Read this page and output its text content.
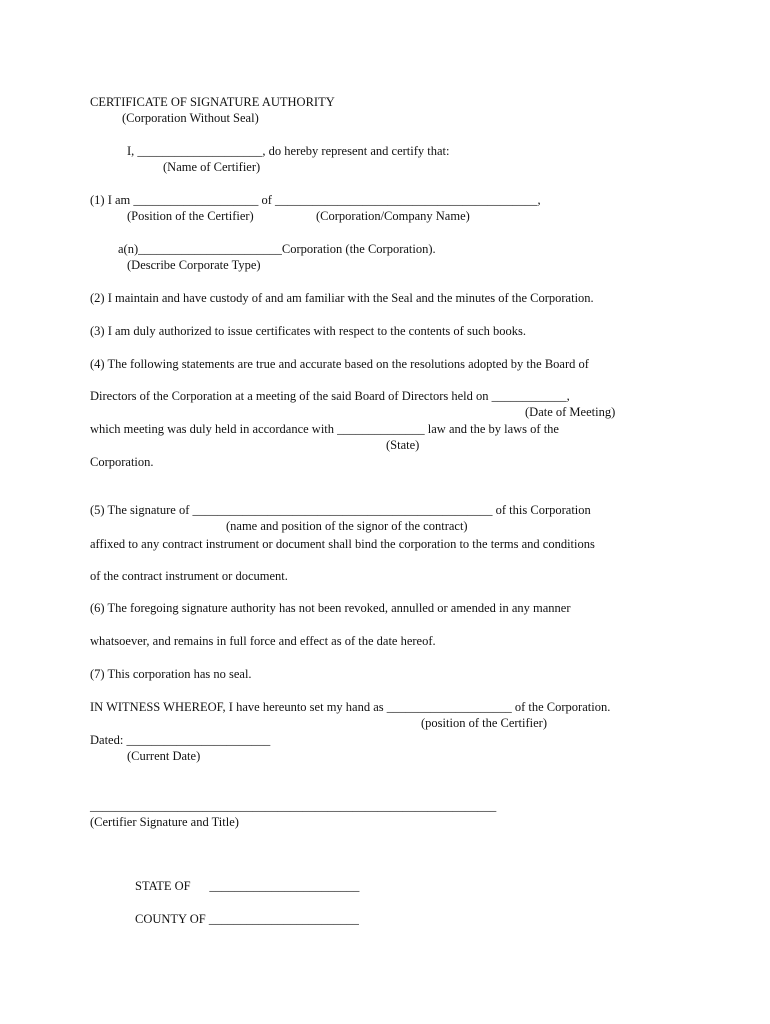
CERTIFICATE OF SIGNATURE AUTHORITY
(Corporation Without Seal)
I, ____________________, do hereby represent and certify that:
(Name of Certifier)
(1) I am ____________________ of __________________________________________,
(Position of the Certifier)	(Corporation/Company Name)
a(n)_______________________Corporation (the Corporation).
(Describe Corporate Type)
(2) I maintain and have custody of and am familiar with the Seal and the minutes of the Corporation.
(3) I am duly authorized to issue certificates with respect to the contents of such books.
(4) The following statements are true and accurate based on the resolutions adopted by the Board of
Directors of the Corporation at a meeting of the said Board of Directors held on ____________,
(Date of Meeting)
which meeting was duly held in accordance with ______________ law and the by laws of the
(State)
Corporation.
(5) The signature of ________________________________________________ of this Corporation
(name and position of the signor of the contract)
affixed to any contract instrument or document shall bind the corporation to the terms and conditions
of the contract instrument or document.
(6) The foregoing signature authority has not been revoked, annulled or amended in any manner
whatsoever, and remains in full force and effect as of the date hereof.
(7) This corporation has no seal.
IN WITNESS WHEREOF, I have hereunto set my hand as ____________________ of the Corporation.
(position of the Certifier)
Dated: _______________________
(Current Date)
_________________________________________________________________
(Certifier Signature and Title)
STATE OF      ________________________
COUNTY OF ________________________
